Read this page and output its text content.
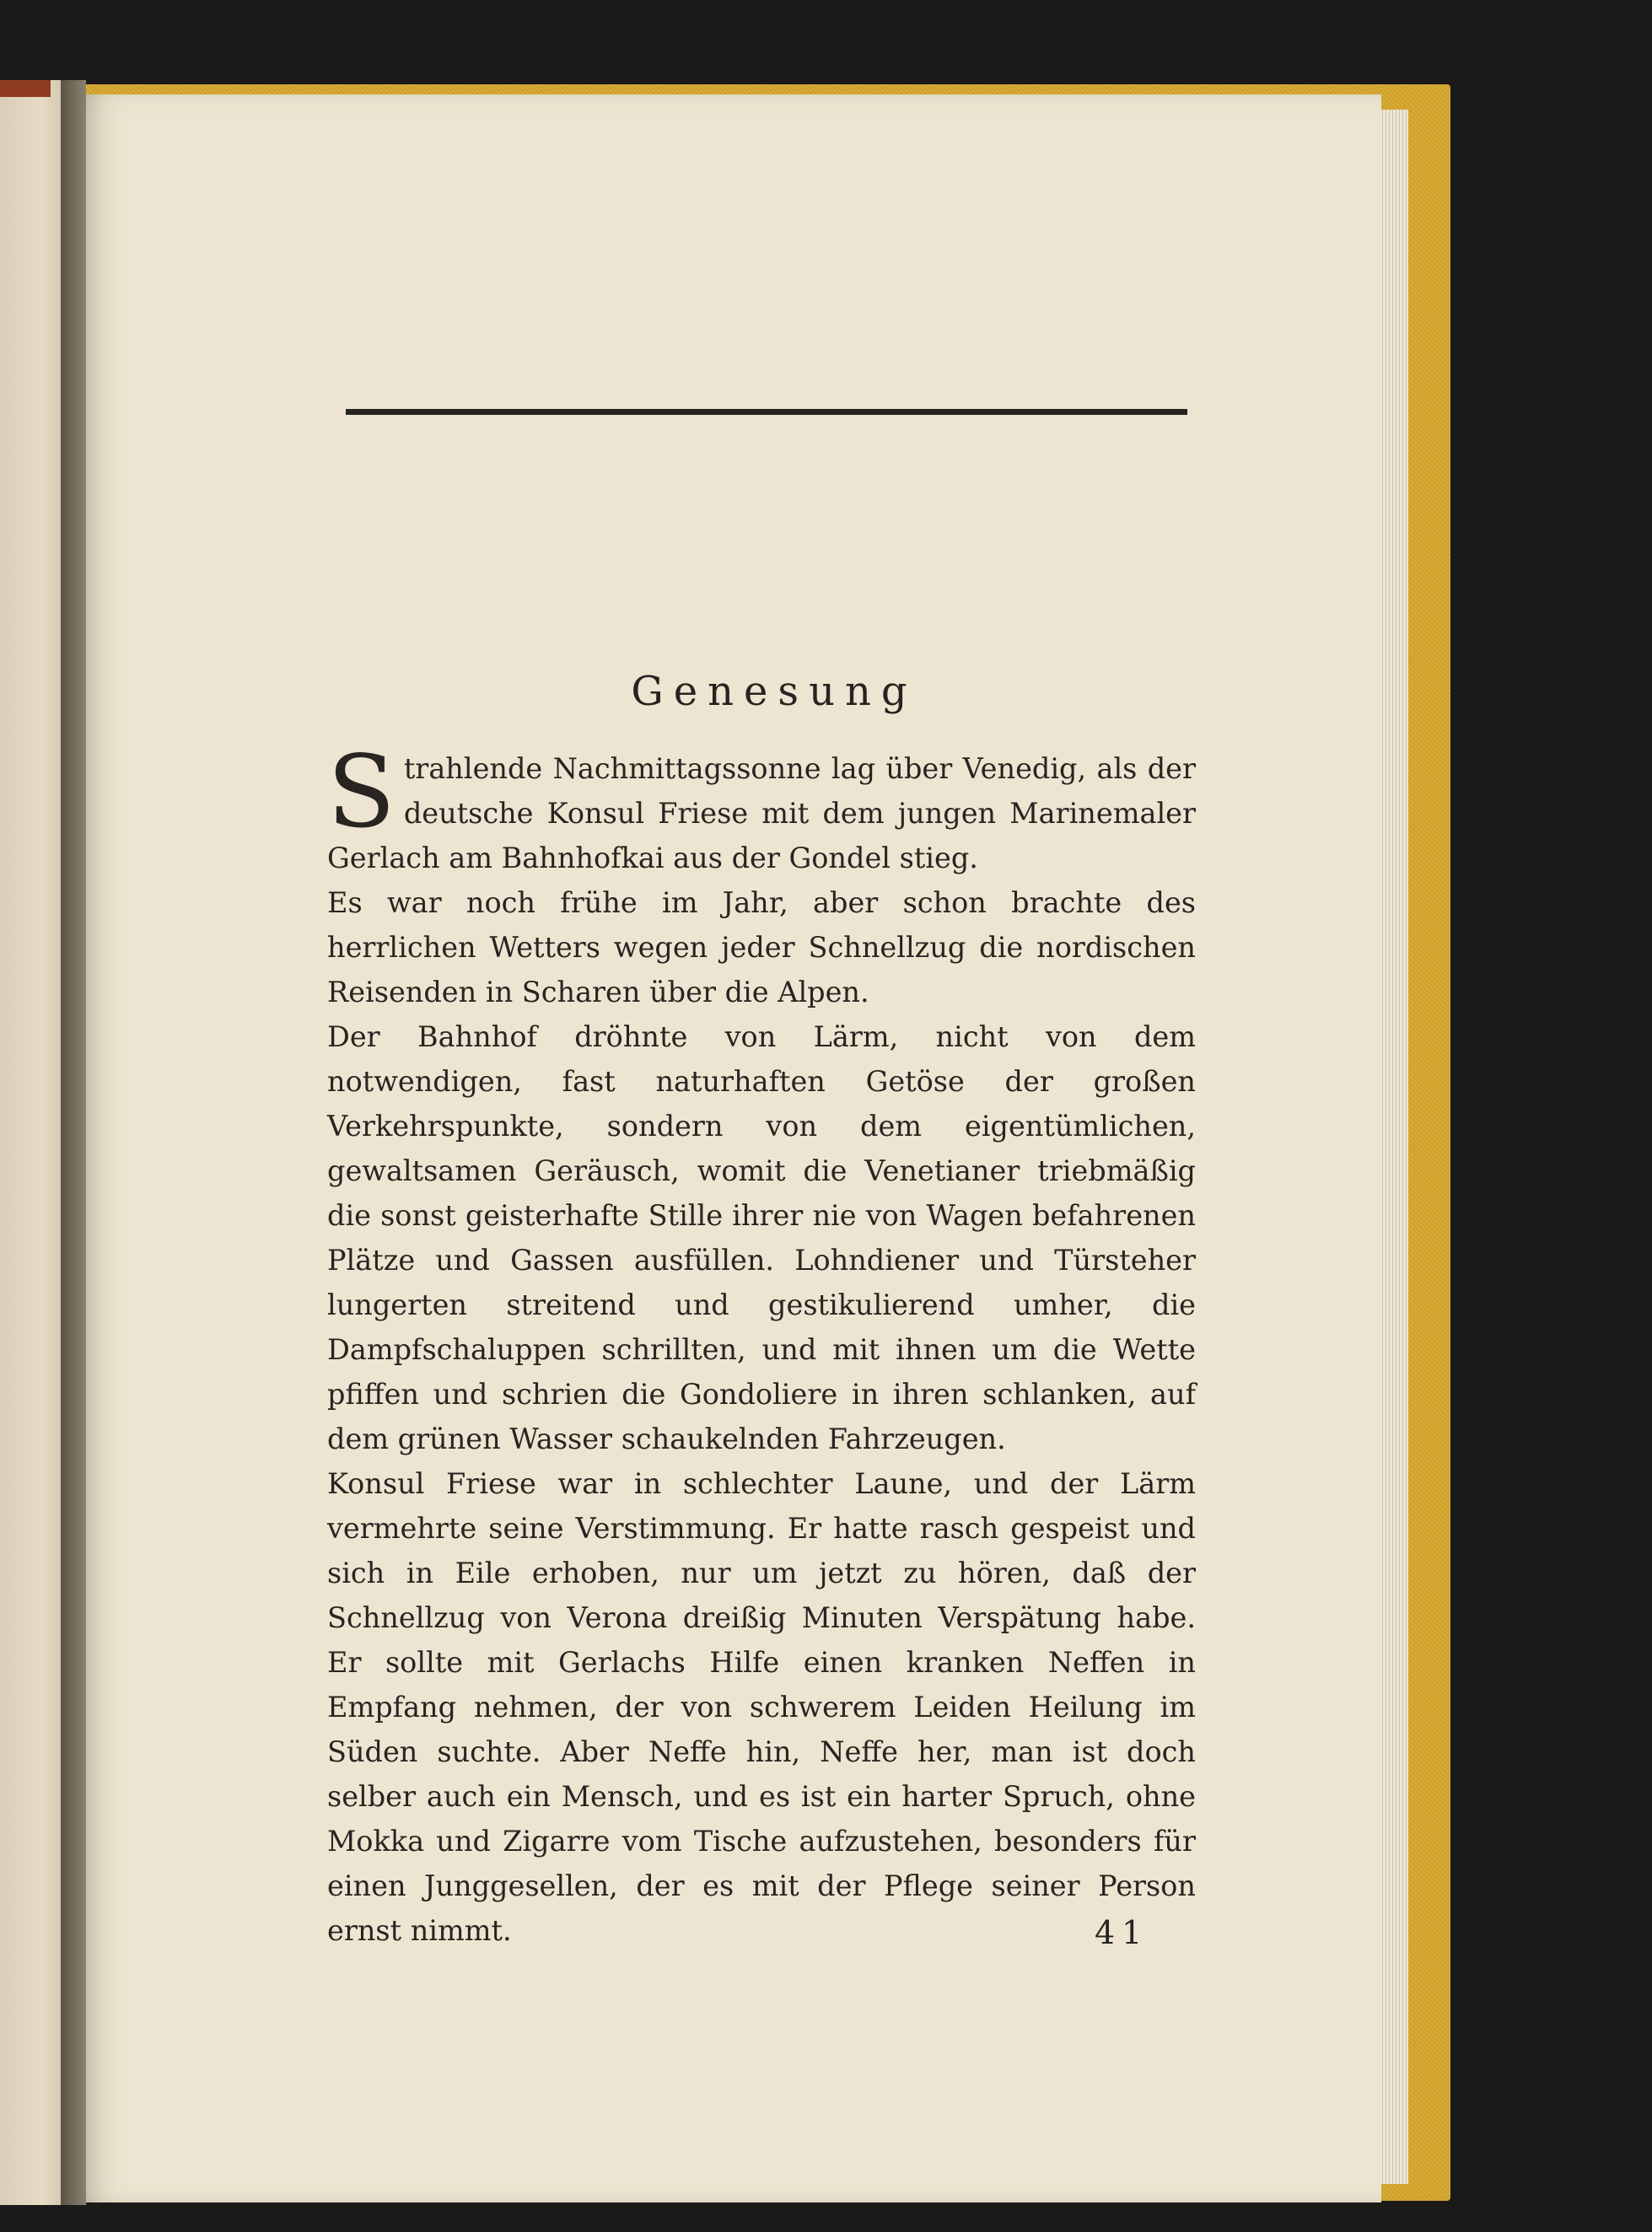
Genesung

Strahlende Nachmittagssonne lag über Venedig, als der deutsche Konsul Friese mit dem jungen Marinemaler Gerlach am Bahnhofkai aus der Gondel stieg.

Es war noch frühe im Jahr, aber schon brachte des herrlichen Wetters wegen jeder Schnellzug die nordischen Reisenden in Scharen über die Alpen.

Der Bahnhof dröhnte von Lärm, nicht von dem notwendigen, fast naturhaften Getöse der großen Verkehrspunkte, sondern von dem eigentümlichen, gewaltsamen Geräusch, womit die Venetianer triebmäßig die sonst geisterhafte Stille ihrer nie von Wagen befahrenen Plätze und Gassen ausfüllen. Lohndiener und Türsteher lungerten streitend und gestikulierend umher, die Dampfschaluppen schrillten, und mit ihnen um die Wette pfiffen und schrien die Gondoliere in ihren schlanken, auf dem grünen Wasser schaukelnden Fahrzeugen.

Konsul Friese war in schlechter Laune, und der Lärm vermehrte seine Verstimmung. Er hatte rasch gespeist und sich in Eile erhoben, nur um jetzt zu hören, daß der Schnellzug von Verona dreißig Minuten Verspätung habe. Er sollte mit Gerlachs Hilfe einen kranken Neffen in Empfang nehmen, der von schwerem Leiden Heilung im Süden suchte. Aber Neffe hin, Neffe her, man ist doch selber auch ein Mensch, und es ist ein harter Spruch, ohne Mokka und Zigarre vom Tische aufzustehen, besonders für einen Junggesellen, der es mit der Pflege seiner Person ernst nimmt.	41
